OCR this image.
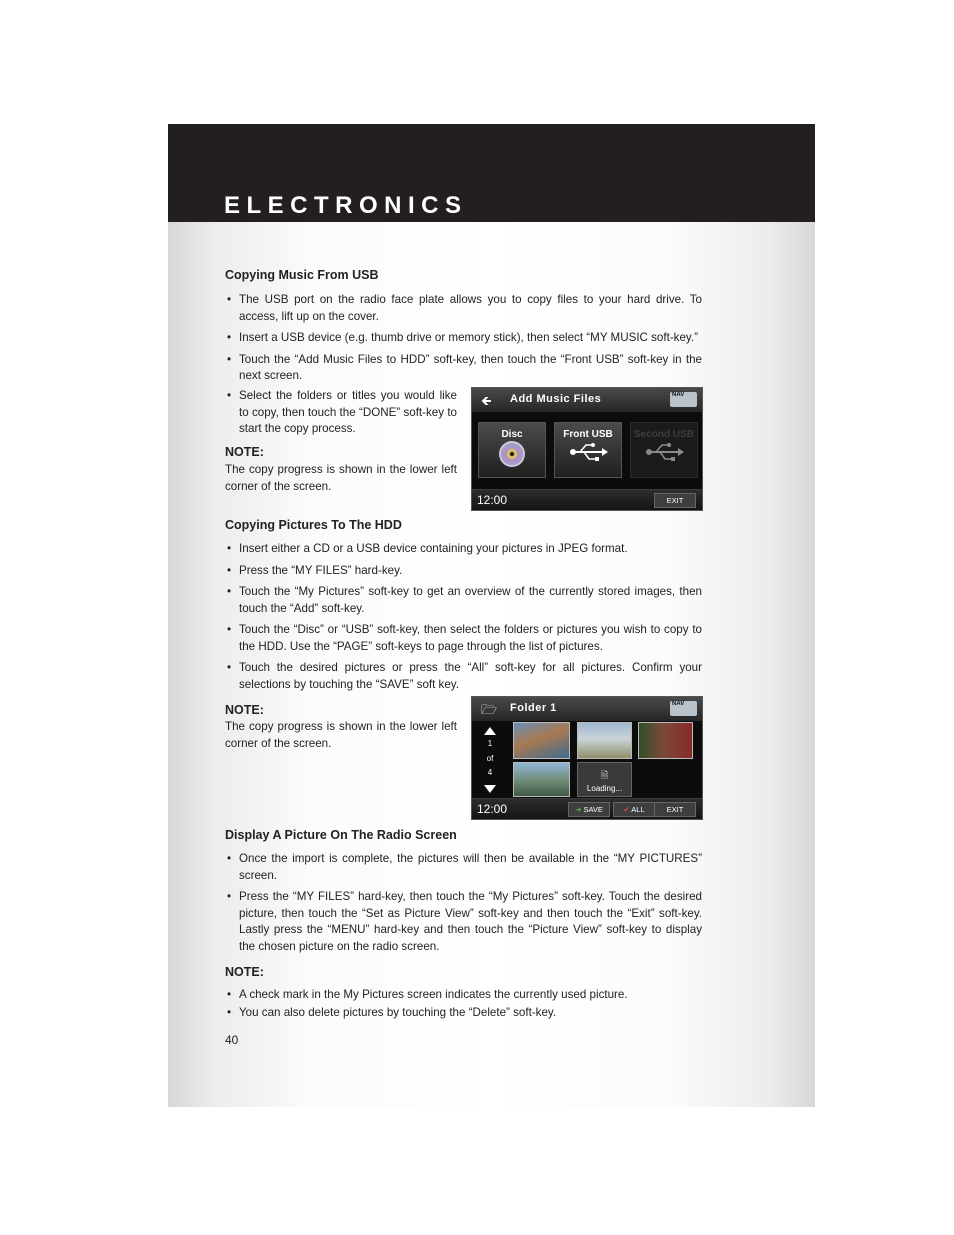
ELECTRONICS
Copying Music From USB
• The USB port on the radio face plate allows you to copy files to your hard drive. To access, lift up on the cover.
• Insert a USB device (e.g. thumb drive or memory stick), then select “MY MUSIC soft-key.”
• Touch the “Add Music Files to HDD” soft-key, then touch the “Front USB” soft-key in the next screen.
• Select the folders or titles you would like to copy, then touch the “DONE” soft-key to start the copy process.

NOTE:

The copy progress is shown in the lower left corner of the screen.

🡸 Add Music Files	NAV
Disc	Front USB	Second USB
12:00	EXIT
Copying Pictures To The HDD
• Insert either a CD or a USB device containing your pictures in JPEG format.
• Press the “MY FILES” hard-key.
• Touch the “My Pictures” soft-key to get an overview of the currently stored images, then touch the “Add” soft-key.
• Touch the “Disc” or “USB” soft-key, then select the folders or pictures you wish to copy to the HDD. Use the “PAGE” soft-keys to page through the list of pictures.
• Touch the desired pictures or press the “All” soft-key for all pictures. Confirm your selections by touching the “SAVE” soft key.

NOTE:

The copy progress is shown in the lower left corner of the screen.

🗁 Folder 1	NAV
1
of
4	🗎
Loading...
12:00	➔ SAVE	✔ ALL	EXIT
Display A Picture On The Radio Screen
• Once the import is complete, the pictures will then be available in the “MY PICTURES” screen.
• Press the “MY FILES” hard-key, then touch the “My Pictures” soft-key. Touch the desired picture, then touch the “Set as Picture View” soft-key and then touch the “Exit” soft-key. Lastly press the “MENU” hard-key and then touch the “Picture View” soft-key to display the chosen picture on the radio screen.

NOTE:

• A check mark in the My Pictures screen indicates the currently used picture.
• You can also delete pictures by touching the “Delete” soft-key.

40
